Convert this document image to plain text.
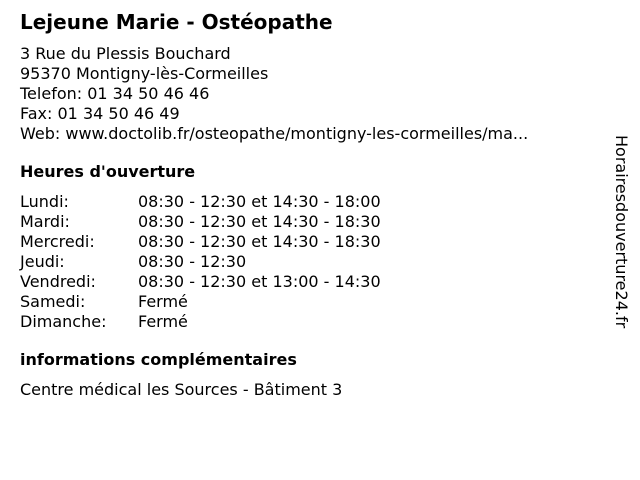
Lejeune Marie - Ostéopathe
3 Rue du Plessis Bouchard
95370 Montigny-lès-Cormeilles
Telefon: 01 34 50 46 46
Fax: 01 34 50 46 49
Web: www.doctolib.fr/osteopathe/montigny-les-cormeilles/ma...
Heures d'ouverture
Lundi:	08:30 - 12:30 et 14:30 - 18:00
Mardi:	08:30 - 12:30 et 14:30 - 18:30
Mercredi:	08:30 - 12:30 et 14:30 - 18:30
Jeudi:	08:30 - 12:30
Vendredi:	08:30 - 12:30 et 13:00 - 14:30
Samedi:	Fermé
Dimanche:	Fermé
informations complémentaires
Centre médical les Sources - Bâtiment 3
Horairesdouverture24.fr
